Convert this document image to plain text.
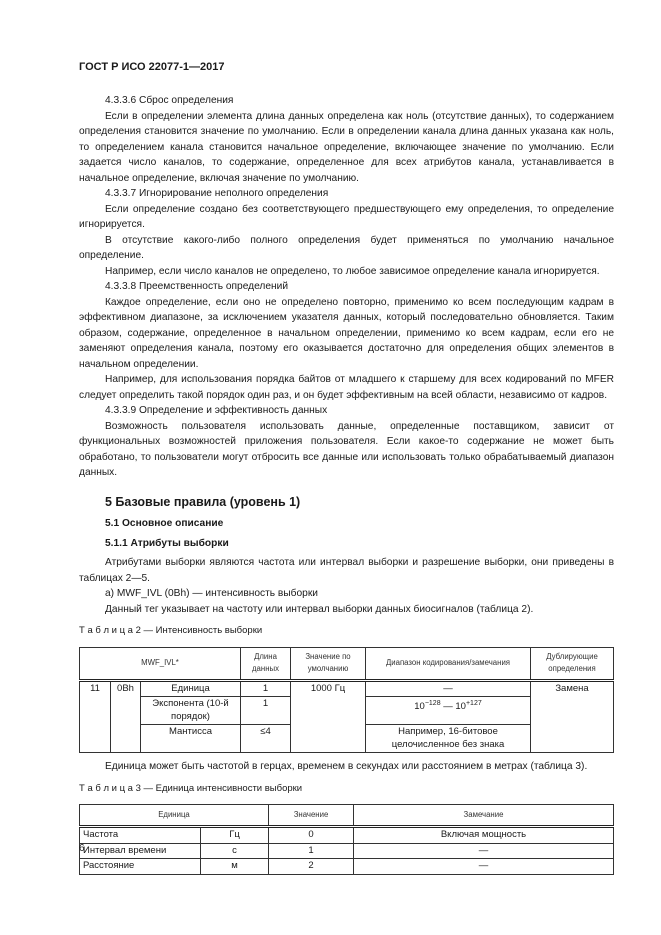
ГОСТ Р ИСО 22077-1—2017

4.3.3.6 Сброс определения

Если в определении элемента длина данных определена как ноль (отсутствие данных), то содержанием определения становится значение по умолчанию. Если в определении канала длина данных указана как ноль, то определением канала становится начальное определение, включающее значение по умолчанию. Если задается число каналов, то содержание, определенное для всех атрибутов канала, устанавливается в начальное определение, включая значение по умолчанию.

4.3.3.7 Игнорирование неполного определения

Если определение создано без соответствующего предшествующего ему определения, то определение игнорируется.

В отсутствие какого-либо полного определения будет применяться по умолчанию начальное определение.

Например, если число каналов не определено, то любое зависимое определение канала игнорируется.

4.3.3.8 Преемственность определений

Каждое определение, если оно не определено повторно, применимо ко всем последующим кадрам в эффективном диапазоне, за исключением указателя данных, который последовательно обновляется. Таким образом, содержание, определенное в начальном определении, применимо ко всем кадрам, если его не заменяют определения канала, поэтому его оказывается достаточно для определения общих элементов в начальном определении.

Например, для использования порядка байтов от младшего к старшему для всех кодирований по MFER следует определить такой порядок один раз, и он будет эффективным на всей области, независимо от кадров.

4.3.3.9 Определение и эффективность данных

Возможность пользователя использовать данные, определенные поставщиком, зависит от функциональных возможностей приложения пользователя. Если какое-то содержание не может быть обработано, то пользователи могут отбросить все данные или использовать только обрабатываемый диапазон данных.

5 Базовые правила (уровень 1)

5.1 Основное описание

5.1.1 Атрибуты выборки

Атрибутами выборки являются частота или интервал выборки и разрешение выборки, они приведены в таблицах 2—5.

а) MWF_IVL (0Bh) — интенсивность выборки

Данный тег указывает на частоту или интервал выборки данных биосигналов (таблица 2).

Т а б л и ц а 2 — Интенсивность выборки

MWF_IVL*			Длина данных	Значение по умолчанию	Диапазон кодирования/замечания	Дублирующие определения
11	0Bh	Единица	1	1000 Гц	—	Замена
		Экспонента (10-й порядок)	1		$10^{-128}$ — $10^{+127}$
		Мантисса	≤4		Например, 16-битовое целочисленное без знака	

Единица может быть частотой в герцах, временем в секундах или расстоянием в метрах (таблица 3).

Т а б л и ц а 3 — Единица интенсивности выборки

Единица		Значение	Замечание
Частота	Гц	0	Включая мощность
Интервал времени	с	1	—
Расстояние	м	2	—
6
